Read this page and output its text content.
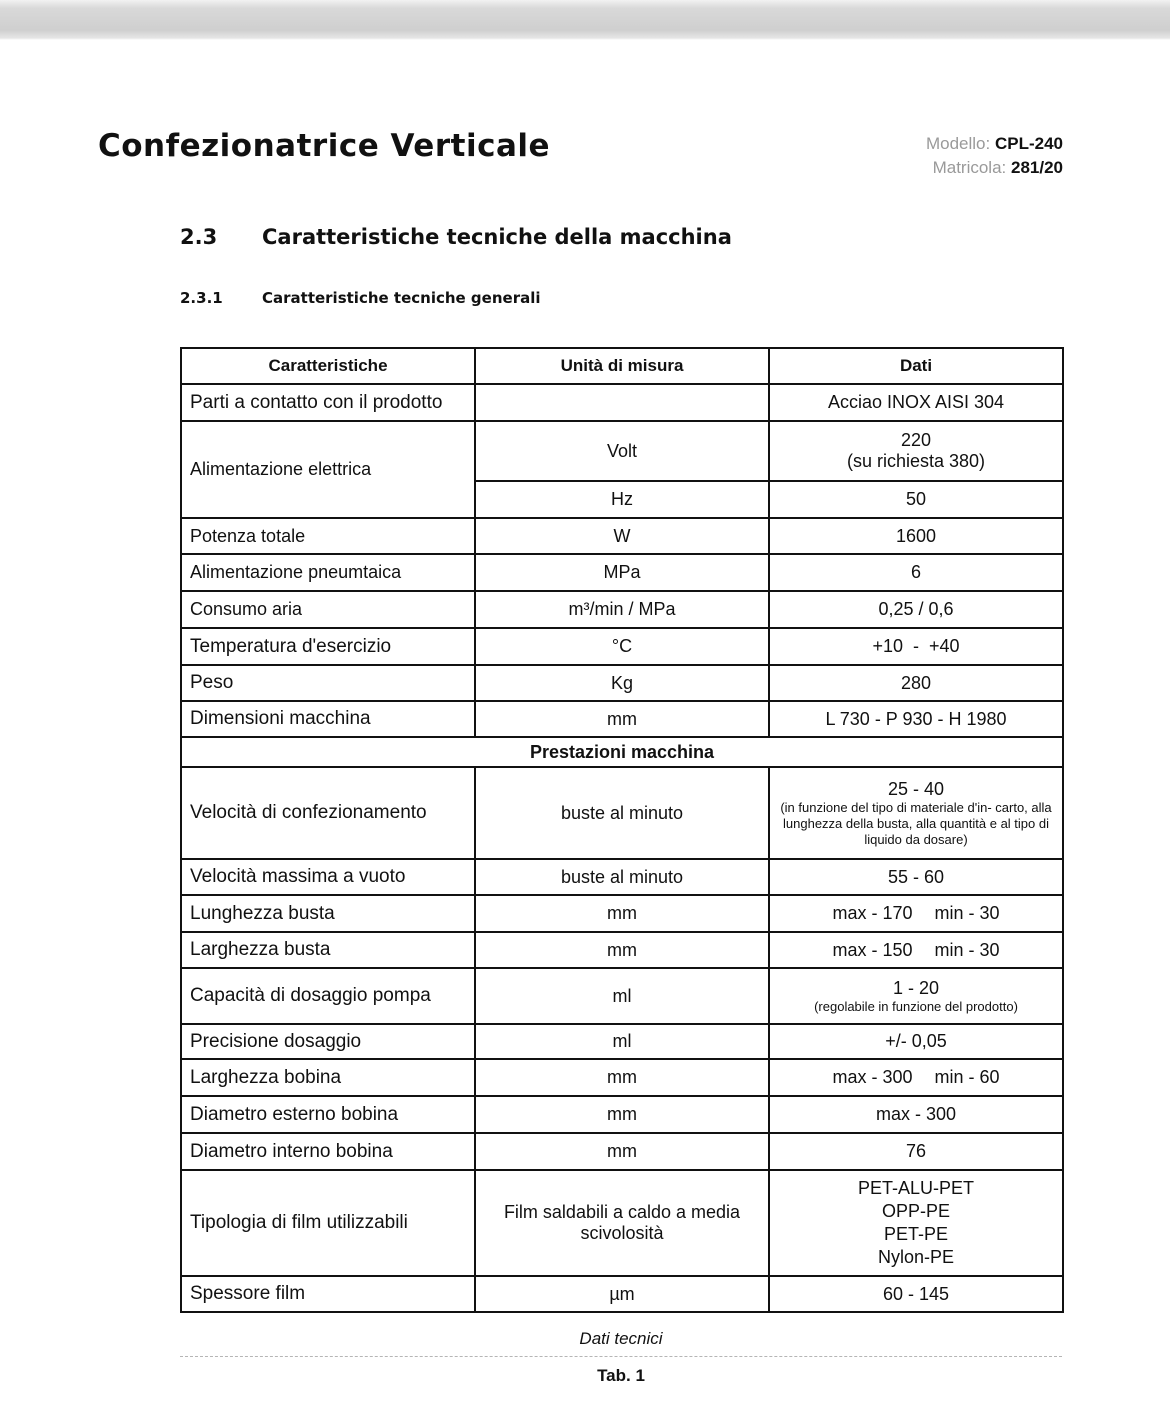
Confezionatrice Verticale	Modello: CPL-240
Matricola: 281/20
2.3 Caratteristiche tecniche della macchina
2.3.1	Caratteristiche tecniche generali
Caratteristiche	Unità di misura	Dati
Parti a contatto con il prodotto		Acciao INOX AISI 304
Alimentazione elettrica	Volt	220
(su richiesta 380)

	Hz	50
Potenza totale	W	1600
Alimentazione pneumtaica	MPa	6
Consumo aria	m³/min / MPa	0,25 / 0,6
Temperatura d'esercizio	°C	+10  -  +40
Peso	Kg	280
Dimensioni macchina	mm	L 730 - P 930 - H 1980
Prestazioni macchina		
Velocità di confezionamento	buste al minuto	25 - 40
(in funzione del tipo di materiale d'in- carto, alla lunghezza della busta, alla quantità e al tipo di liquido da dosare)

Velocità massima a vuoto	buste al minuto	55 - 60
Lunghezza busta	mm	max - 170 min - 30
Larghezza busta	mm	max - 150 min - 30
Capacità di dosaggio pompa	ml	1 - 20
(regolabile in funzione del prodotto)

Precisione dosaggio	ml	+/- 0,05
Larghezza bobina	mm	max - 300 min - 60
Diametro esterno bobina	mm	max - 300
Diametro interno bobina	mm	76
Tipologia di film utilizzabili	Film saldabili a caldo a media scivolosità	PET-ALU-PET
OPP-PE
PET-PE
Nylon-PE

Spessore film	µm	60 - 145
Dati tecnici
Tab. 1
